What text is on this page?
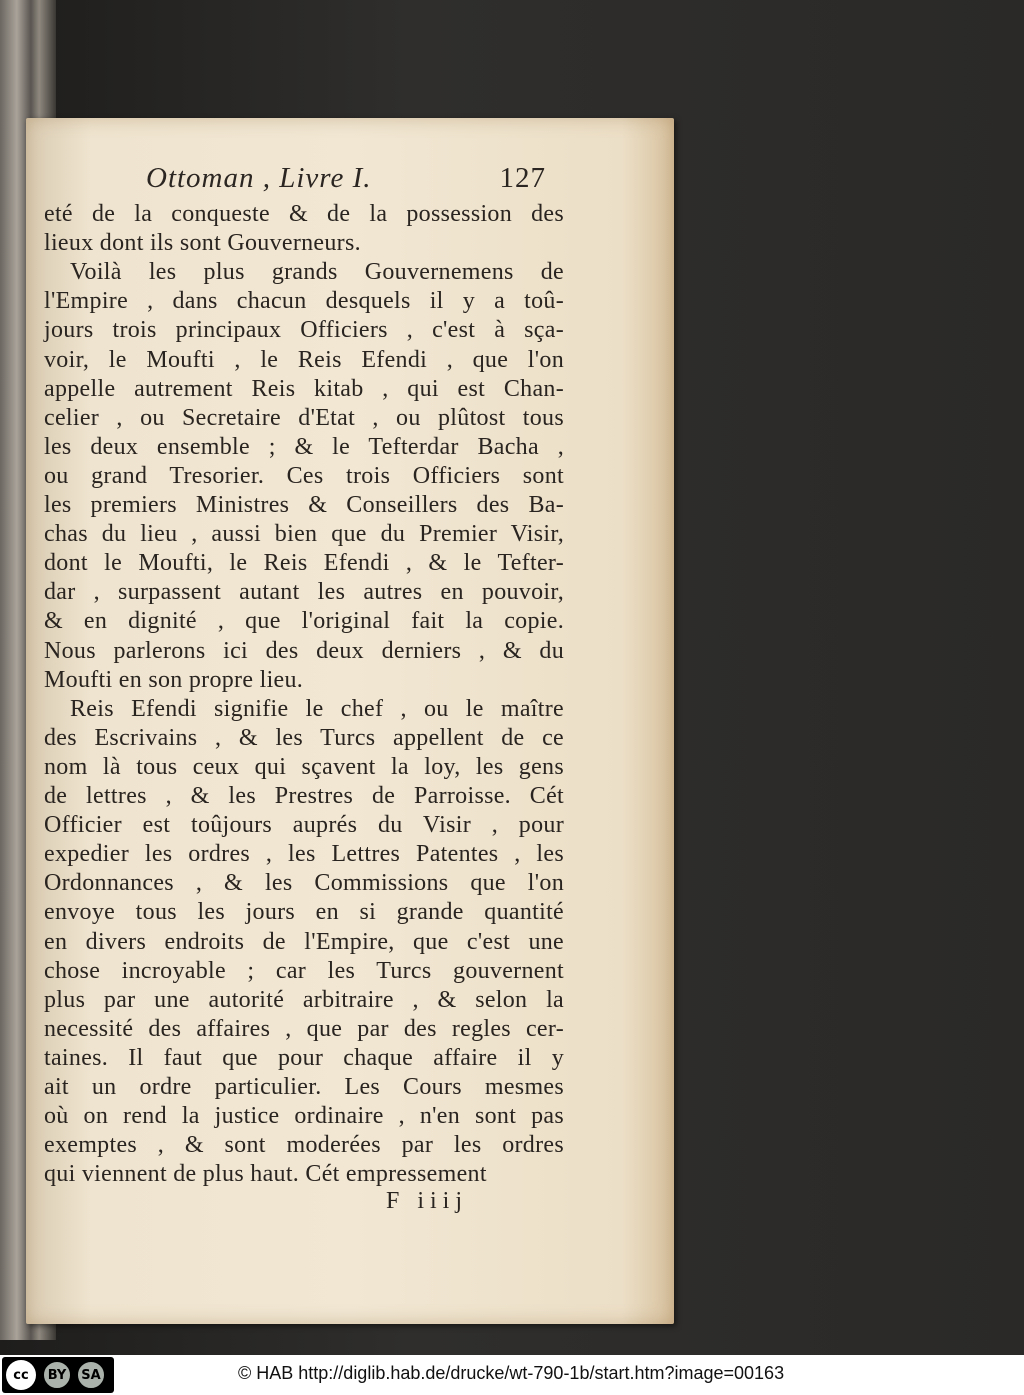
Ottoman , Livre I.	127
eté de la conqueste & de la possession des
lieux dont ils sont Gouverneurs.
Voilà les plus grands Gouvernemens de
l'Empire , dans chacun desquels il y a toû-
jours trois principaux Officiers , c'est à sça-
voir, le Moufti , le Reis Efendi , que l'on
appelle autrement Reis kitab , qui est Chan-
celier , ou Secretaire d'Etat , ou plûtost tous
les deux ensemble ; & le Tefterdar Bacha ,
ou grand Tresorier. Ces trois Officiers sont
les premiers Ministres & Conseillers des Ba-
chas du lieu , aussi bien que du Premier Visir,
dont le Moufti, le Reis Efendi , & le Tefter-
dar , surpassent autant les autres en pouvoir,
& en dignité , que l'original fait la copie.
Nous parlerons ici des deux derniers , & du
Moufti en son propre lieu.
Reis Efendi signifie le chef , ou le maître
des Escrivains , & les Turcs appellent de ce
nom là tous ceux qui sçavent la loy, les gens
de lettres , & les Prestres de Parroisse. Cét
Officier est toûjours auprés du Visir , pour
expedier les ordres , les Lettres Patentes , les
Ordonnances , & les Commissions que l'on
envoye tous les jours en si grande quantité
en divers endroits de l'Empire, que c'est une
chose incroyable ; car les Turcs gouvernent
plus par une autorité arbitraire , & selon la
necessité des affaires , que par des regles cer-
taines. Il faut que pour chaque affaire il y
ait un ordre particulier. Les Cours mesmes
où on rend la justice ordinaire , n'en sont pas
exemptes , & sont moderées par les ordres
qui viennent de plus haut. Cét empressement
F iiij
cc	BY	SA	© HAB http://diglib.hab.de/drucke/wt-790-1b/start.htm?image=00163
